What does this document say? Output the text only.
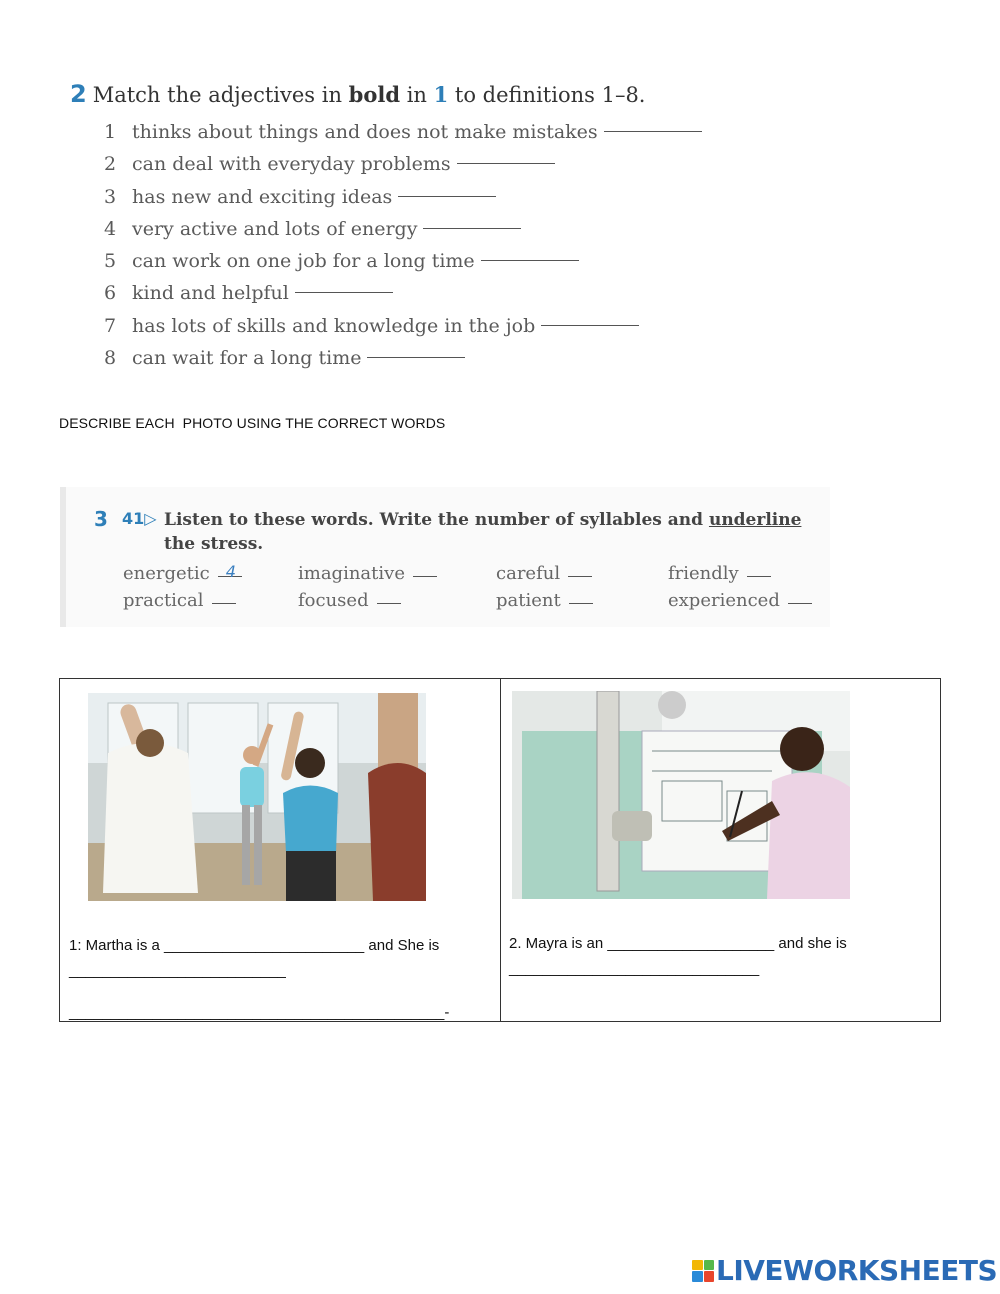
2 Match the adjectives in bold in 1 to definitions 1–8.
1 thinks about things and does not make mistakes
2 can deal with everyday problems
3 has new and exciting ideas
4 very active and lots of energy
5 can work on one job for a long time
6 kind and helpful
7 has lots of skills and knowledge in the job
8 can wait for a long time
DESCRIBE EACH  PHOTO USING THE CORRECT WORDS
3 41▷ Listen to these words. Write the number of syllables and underline
the stress.
energetic 4	imaginative	careful	friendly
practical	focused	patient	experienced
1: Martha is a ________________________ and She is
__________________________
_____________________________________________-
2. Mayra is an ____________________ and she is
______________________________
LIVEWORKSHEETS
